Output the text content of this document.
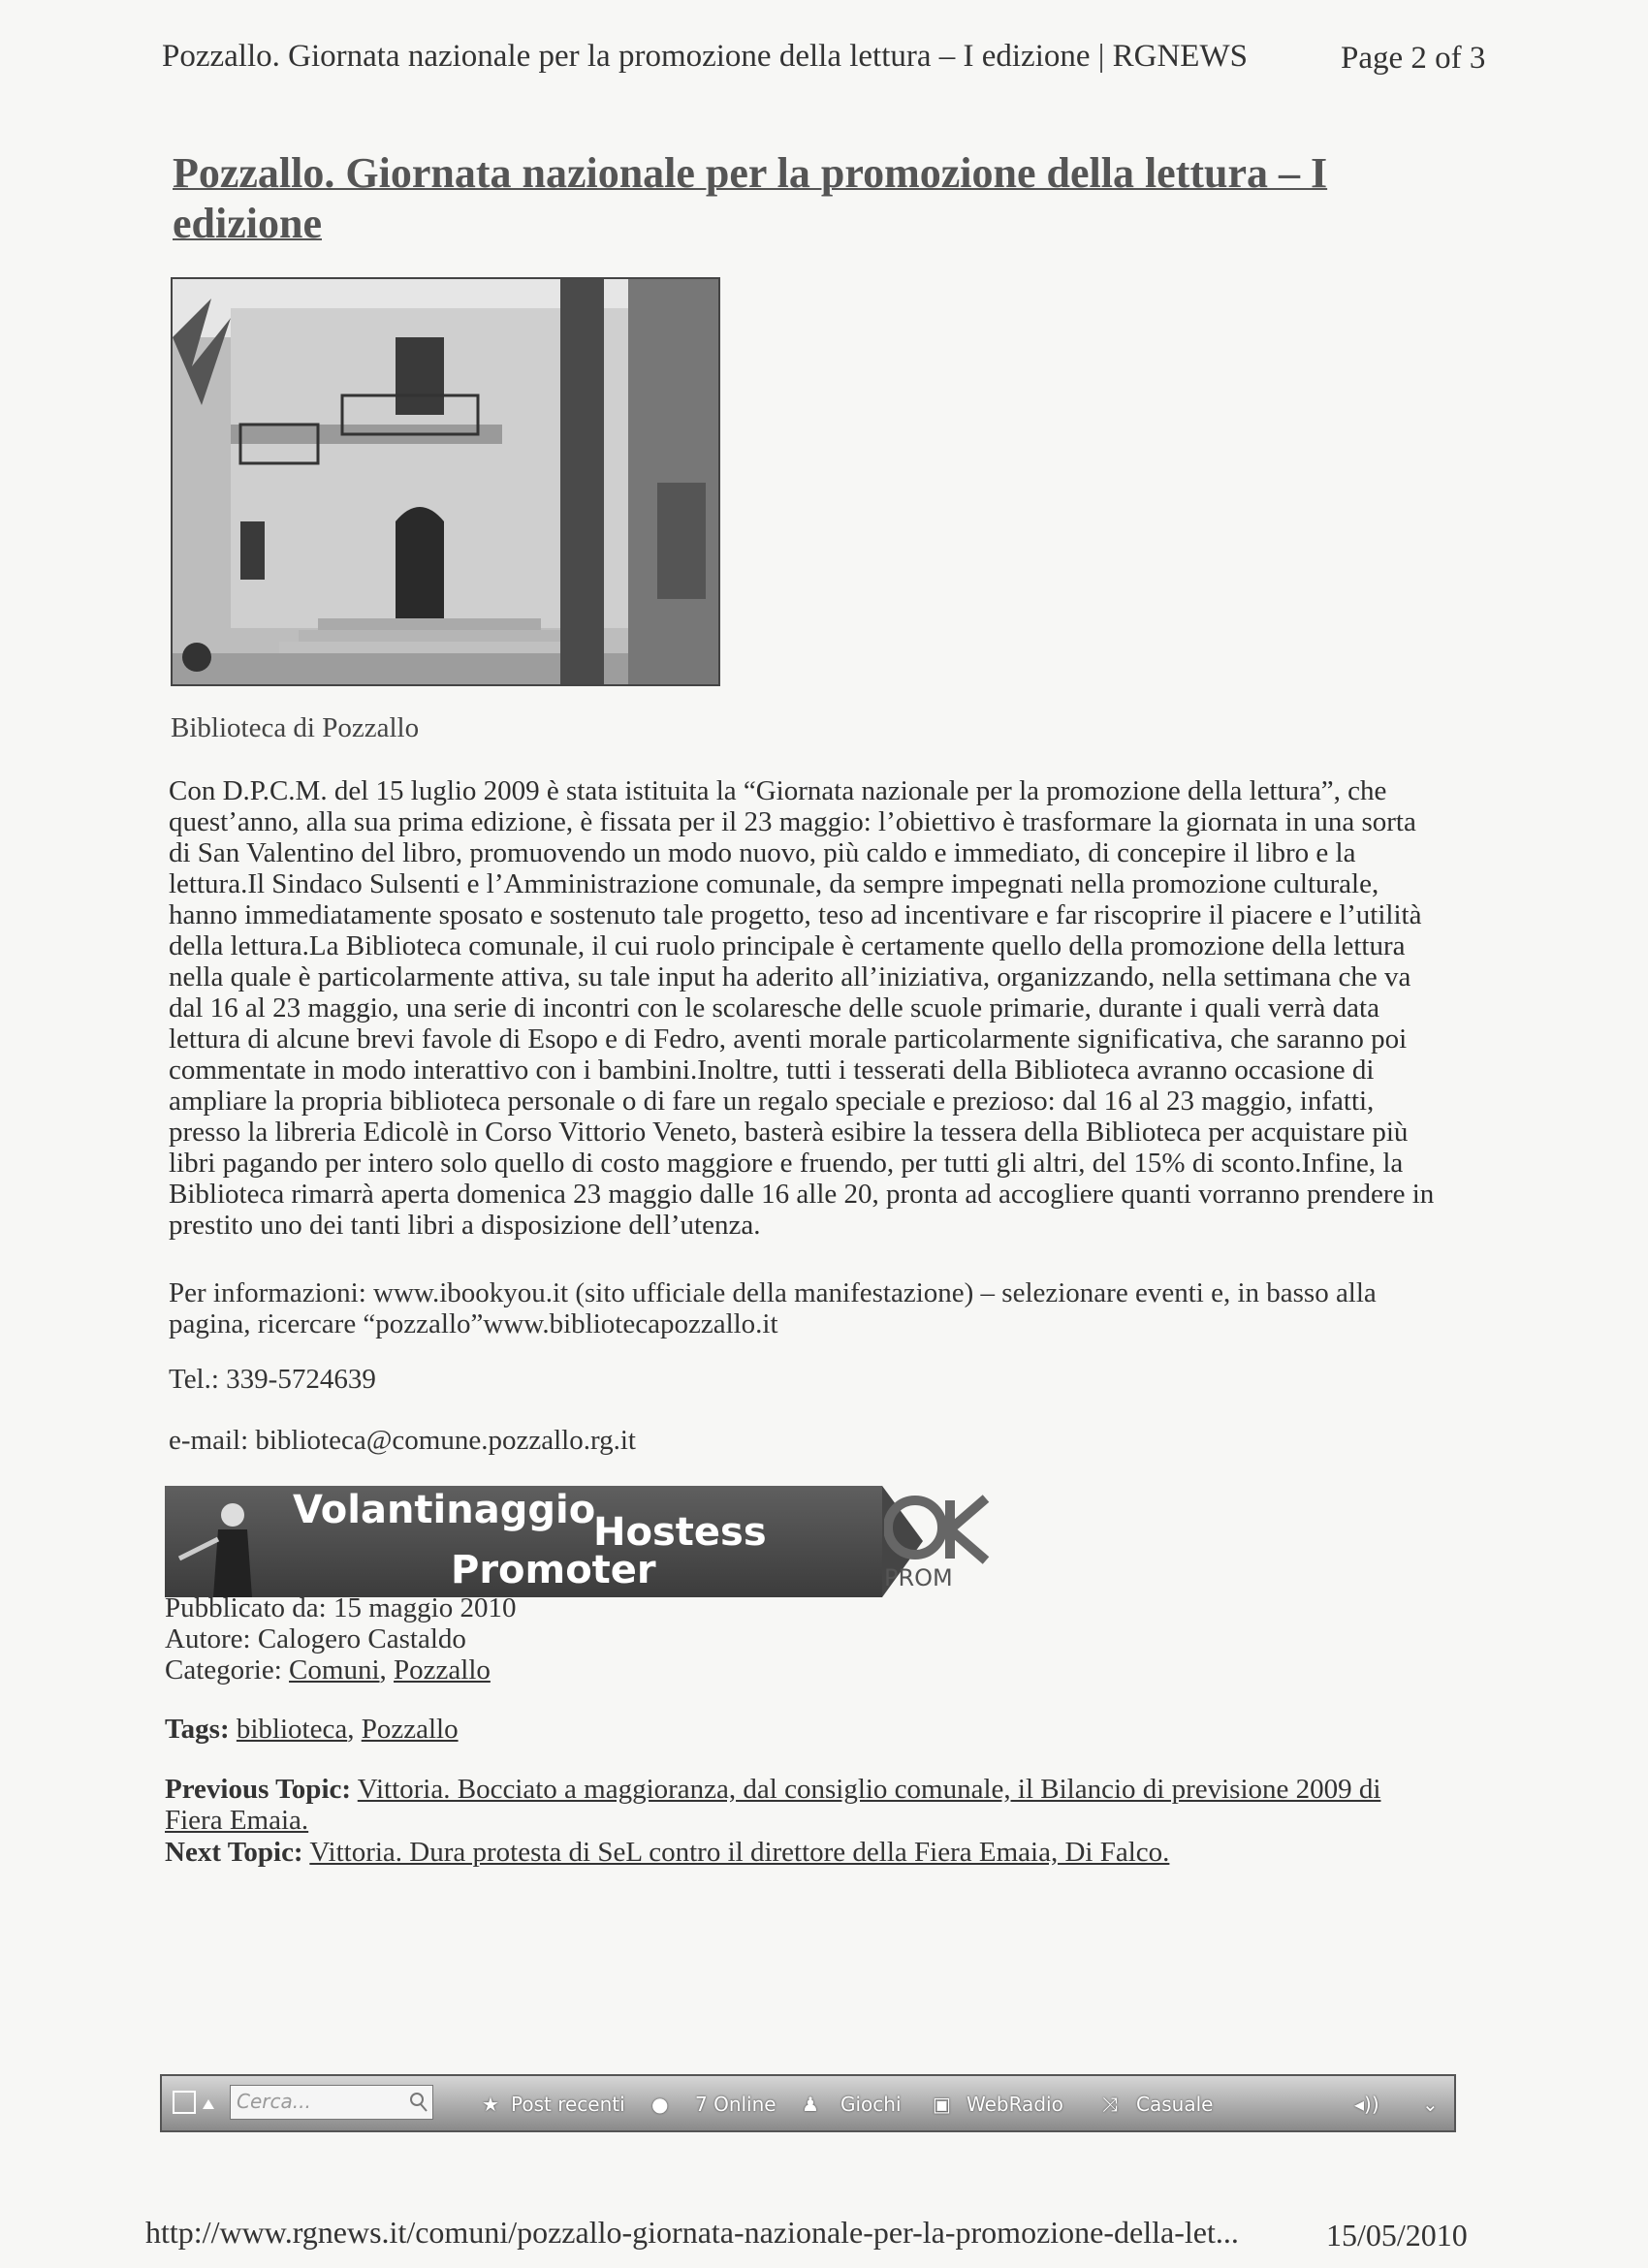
Pozzallo. Giornata nazionale per la promozione della lettura – I edizione | RGNEWS	Page 2 of 3
Pozzallo. Giornata nazionale per la promozione della lettura – I edizione
Biblioteca di Pozzallo

Con D.P.C.M. del 15 luglio 2009 è stata istituita la “Giornata nazionale per la promozione della lettura”, che

quest’anno, alla sua prima edizione, è fissata per il 23 maggio: l’obiettivo è trasformare la giornata in una sorta

di San Valentino del libro, promuovendo un modo nuovo, più caldo e immediato, di concepire il libro e la

lettura.Il Sindaco Sulsenti e l’Amministrazione comunale, da sempre impegnati nella promozione culturale,

hanno immediatamente sposato e sostenuto tale progetto, teso ad incentivare e far riscoprire il piacere e l’utilità

della lettura.La Biblioteca comunale, il cui ruolo principale è certamente quello della promozione della lettura

nella quale è particolarmente attiva, su tale input ha aderito all’iniziativa, organizzando, nella settimana che va

dal 16 al 23 maggio, una serie di incontri con le scolaresche delle scuole primarie, durante i quali verrà data

lettura di alcune brevi favole di Esopo e di Fedro, aventi morale particolarmente significativa, che saranno poi

commentate in modo interattivo con i bambini.Inoltre, tutti i tesserati della Biblioteca avranno occasione di

ampliare la propria biblioteca personale o di fare un regalo speciale e prezioso: dal 16 al 23 maggio, infatti,

presso la libreria Edicolè in Corso Vittorio Veneto, basterà esibire la tessera della Biblioteca per acquistare più

libri pagando per intero solo quello di costo maggiore e fruendo, per tutti gli altri, del 15% di sconto.Infine, la

Biblioteca rimarrà aperta domenica 23 maggio dalle 16 alle 20, pronta ad accogliere quanti vorranno prendere in

prestito uno dei tanti libri a disposizione dell’utenza.

Per informazioni: www.ibookyou.it (sito ufficiale della manifestazione) – selezionare eventi e, in basso alla pagina, ricercare “pozzallo”www.bibliotecapozzallo.it
Tel.: 339-5724639
e-mail: biblioteca@comune.pozzallo.rg.it
Volantinaggio
Hostess
Promoter	PROM
Pubblicato da: 15 maggio 2010
Autore: Calogero Castaldo
Categorie: Comuni, Pozzallo
Tags: biblioteca, Pozzallo
Previous Topic: Vittoria. Bocciato a maggioranza, dal consiglio comunale, il Bilancio di previsione 2009 di Fiera Emaia.
Next Topic: Vittoria. Dura protesta di SeL contro il direttore della Fiera Emaia, Di Falco.
Cerca...	★ Post recenti ● 7 Online ♟ Giochi ▣ WebRadio ⤨ Casuale	◂)) ⌄
http://www.rgnews.it/comuni/pozzallo-giornata-nazionale-per-la-promozione-della-let...	15/05/2010
